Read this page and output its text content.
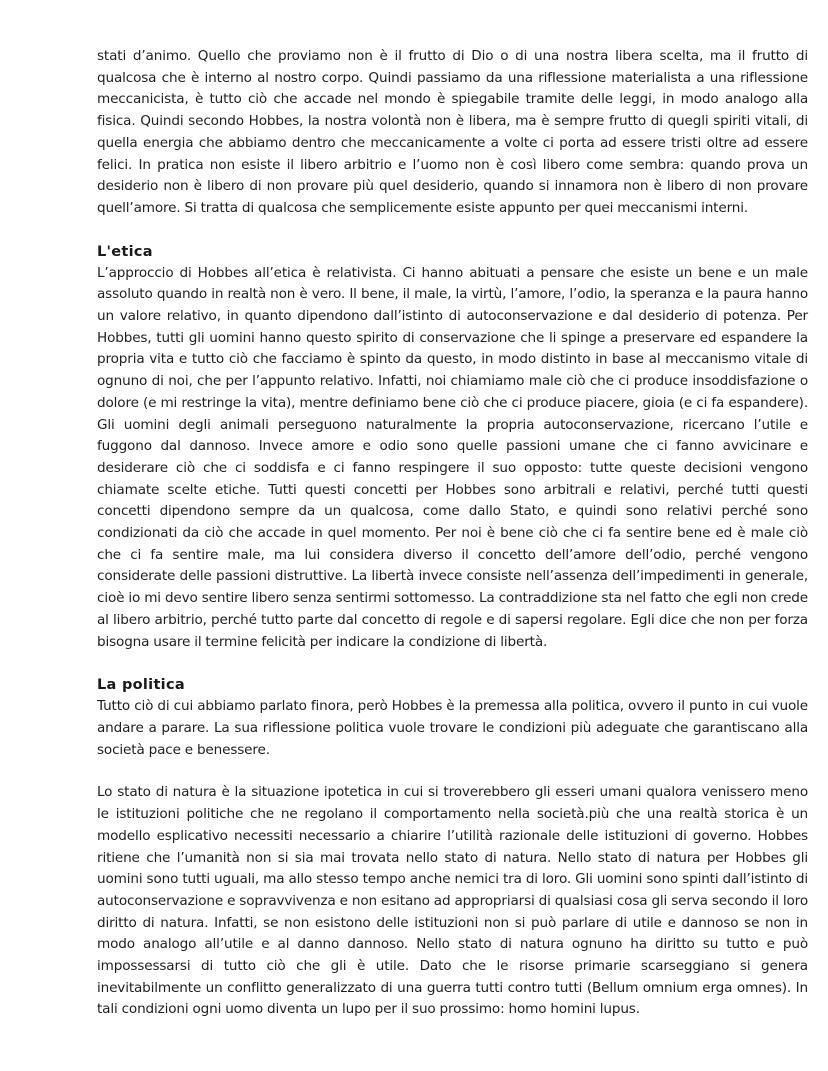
stati d’animo. Quello che proviamo non è il frutto di Dio o di una nostra libera scelta, ma il frutto di qualcosa che è interno al nostro corpo. Quindi passiamo da una riflessione materialista a una riflessione meccanicista, è tutto ciò che accade nel mondo è spiegabile tramite delle leggi, in modo analogo alla fisica. Quindi secondo Hobbes, la nostra volontà non è libera, ma è sempre frutto di quegli spiriti vitali, di quella energia che abbiamo dentro che meccanicamente a volte ci porta ad essere tristi oltre ad essere felici. In pratica non esiste il libero arbitrio e l’uomo non è così libero come sembra: quando prova un desiderio non è libero di non provare più quel desiderio, quando si innamora non è libero di non provare quell’amore. Si tratta di qualcosa che semplicemente esiste appunto per quei meccanismi interni.

L'etica

L’approccio di Hobbes all’etica è relativista. Ci hanno abituati a pensare che esiste un bene e un male assoluto quando in realtà non è vero. Il bene, il male, la virtù, l’amore, l’odio, la speranza e la paura hanno un valore relativo, in quanto dipendono dall’istinto di autoconservazione e dal desiderio di potenza. Per Hobbes, tutti gli uomini hanno questo spirito di conservazione che li spinge a preservare ed espandere la propria vita e tutto ciò che facciamo è spinto da questo, in modo distinto in base al meccanismo vitale di ognuno di noi, che per l’appunto relativo. Infatti, noi chiamiamo male ciò che ci produce insoddisfazione o dolore (e mi restringe la vita), mentre definiamo bene ciò che ci produce piacere, gioia (e ci fa espandere). Gli uomini degli animali perseguono naturalmente la propria autoconservazione, ricercano l’utile e fuggono dal dannoso. Invece amore e odio sono quelle passioni umane che ci fanno avvicinare e desiderare ciò che ci soddisfa e ci fanno respingere il suo opposto: tutte queste decisioni vengono chiamate scelte etiche. Tutti questi concetti per Hobbes sono arbitrali e relativi, perché tutti questi concetti dipendono sempre da un qualcosa, come dallo Stato, e quindi sono relativi perché sono condizionati da ciò che accade in quel momento. Per noi è bene ciò che ci fa sentire bene ed è male ciò che ci fa sentire male, ma lui considera diverso il concetto dell’amore dell’odio, perché vengono considerate delle passioni distruttive. La libertà invece consiste nell’assenza dell’impedimenti in generale, cioè io mi devo sentire libero senza sentirmi sottomesso. La contraddizione sta nel fatto che egli non crede al libero arbitrio, perché tutto parte dal concetto di regole e di sapersi regolare. Egli dice che non per forza bisogna usare il termine felicità per indicare la condizione di libertà.

La politica

Tutto ciò di cui abbiamo parlato finora, però Hobbes è la premessa alla politica, ovvero il punto in cui vuole andare a parare. La sua riflessione politica vuole trovare le condizioni più adeguate che garantiscano alla società pace e benessere.

Lo stato di natura è la situazione ipotetica in cui si troverebbero gli esseri umani qualora venissero meno le istituzioni politiche che ne regolano il comportamento nella società.più che una realtà storica è un modello esplicativo necessiti necessario a chiarire l’utilità razionale delle istituzioni di governo. Hobbes ritiene che l’umanità non si sia mai trovata nello stato di natura. Nello stato di natura per Hobbes gli uomini sono tutti uguali, ma allo stesso tempo anche nemici tra di loro. Gli uomini sono spinti dall’istinto di autoconservazione e sopravvivenza e non esitano ad appropriarsi di qualsiasi cosa gli serva secondo il loro diritto di natura. Infatti, se non esistono delle istituzioni non si può parlare di utile e dannoso se non in modo analogo all’utile e al danno dannoso. Nello stato di natura ognuno ha diritto su tutto e può impossessarsi di tutto ciò che gli è utile. Dato che le risorse primarie scarseggiano si genera inevitabilmente un conflitto generalizzato di una guerra tutti contro tutti (Bellum omnium erga omnes). In tali condizioni ogni uomo diventa un lupo per il suo prossimo: homo homini lupus.
